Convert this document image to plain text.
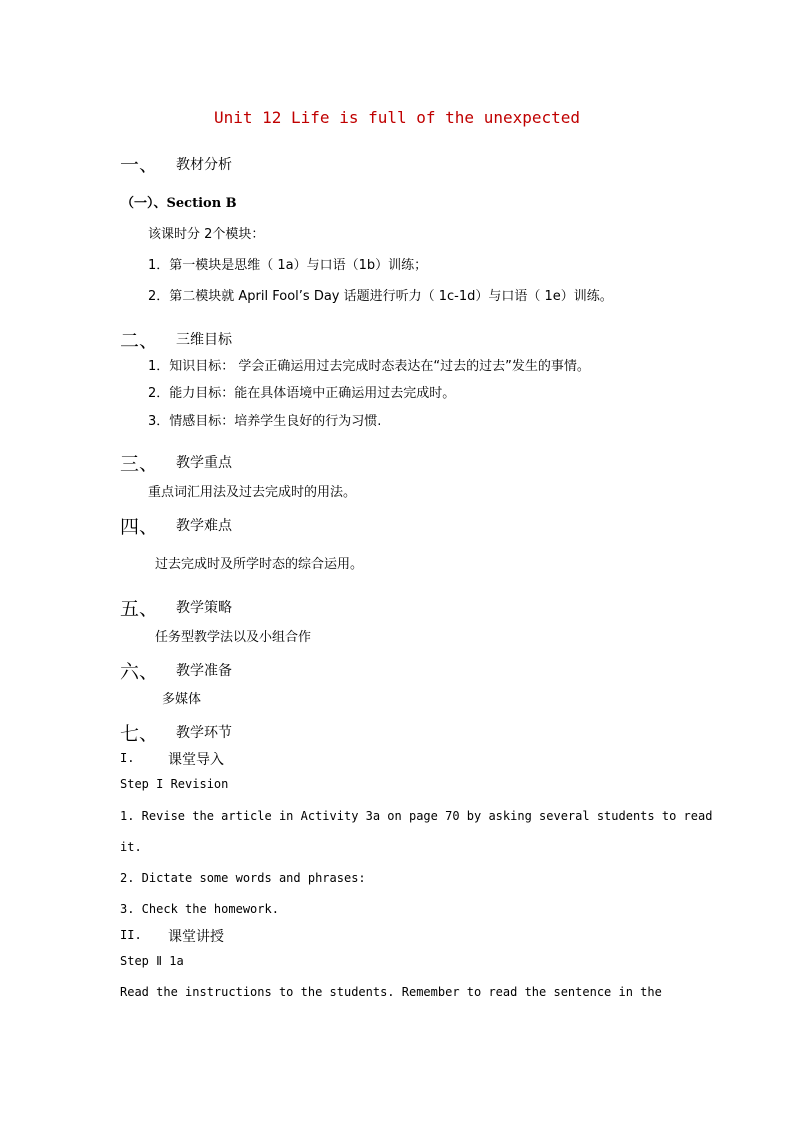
Unit 12 Life is full of the unexpected
一、 教材分析
（一）、Section B
该课时分 2个模块：
1．第一模块是思维（ 1a）与口语（1b）训练；
2．第二模块就 April Fool’s Day 话题进行听力（ 1c-1d）与口语（ 1e）训练。
二、 三维目标
1．知识目标： 学会正确运用过去完成时态表达在“过去的过去”发生的事情。
2．能力目标：能在具体语境中正确运用过去完成时。
3．情感目标：培养学生良好的行为习惯.
三、 教学重点
重点词汇用法及过去完成时的用法。
四、 教学难点
过去完成时及所学时态的综合运用。
五、 教学策略
任务型教学法以及小组合作
六、 教学准备
多媒体
七、 教学环节
I. 课堂导入
Step I Revision
1. Revise the article in Activity 3a on page 70 by asking several students to read
it.
2. Dictate some words and phrases:
3. Check the homework.
II. 课堂讲授
Step Ⅱ 1a
Read the instructions to the students. Remember to read the sentence in the
